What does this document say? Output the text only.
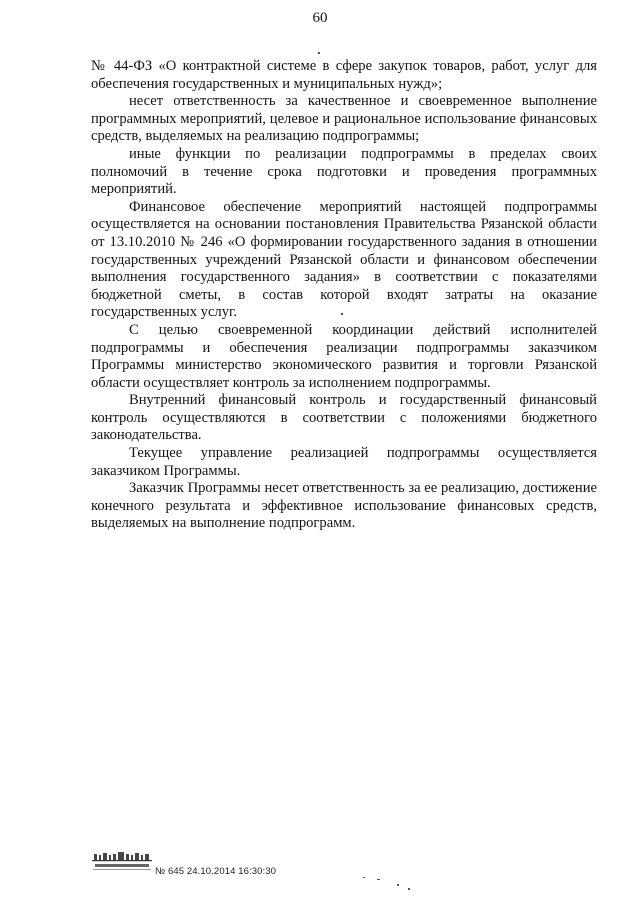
60

№ 44-ФЗ «О контрактной системе в сфере закупок товаров, работ, услуг для обеспечения государственных и муниципальных нужд»;

несет ответственность за качественное и своевременное выполнение программных мероприятий, целевое и рациональное использование финансовых средств, выделяемых на реализацию подпрограммы;

иные функции по реализации подпрограммы в пределах своих полномочий в течение срока подготовки и проведения программных мероприятий.

Финансовое обеспечение мероприятий настоящей подпрограммы осуществляется на основании постановления Правительства Рязанской области от 13.10.2010 № 246 «О формировании государственного задания в отношении государственных учреждений Рязанской области и финансовом обеспечении выполнения государственного задания» в соответствии с показателями бюджетной сметы, в состав которой входят затраты на оказание государственных услуг.

С целью своевременной координации действий исполнителей подпрограммы и обеспечения реализации подпрограммы заказчиком Программы министерство экономического развития и торговли Рязанской области осуществляет контроль за исполнением подпрограммы.

Внутренний финансовый контроль и государственный финансовый контроль осуществляются в соответствии с положениями бюджетного законодательства.

Текущее управление реализацией подпрограммы осуществляется заказчиком Программы.

Заказчик Программы несет ответственность за ее реализацию, достижение конечного результата и эффективное использование финансовых средств, выделяемых на выполнение подпрограмм.

№ 645 24.10.2014 16:30:30
